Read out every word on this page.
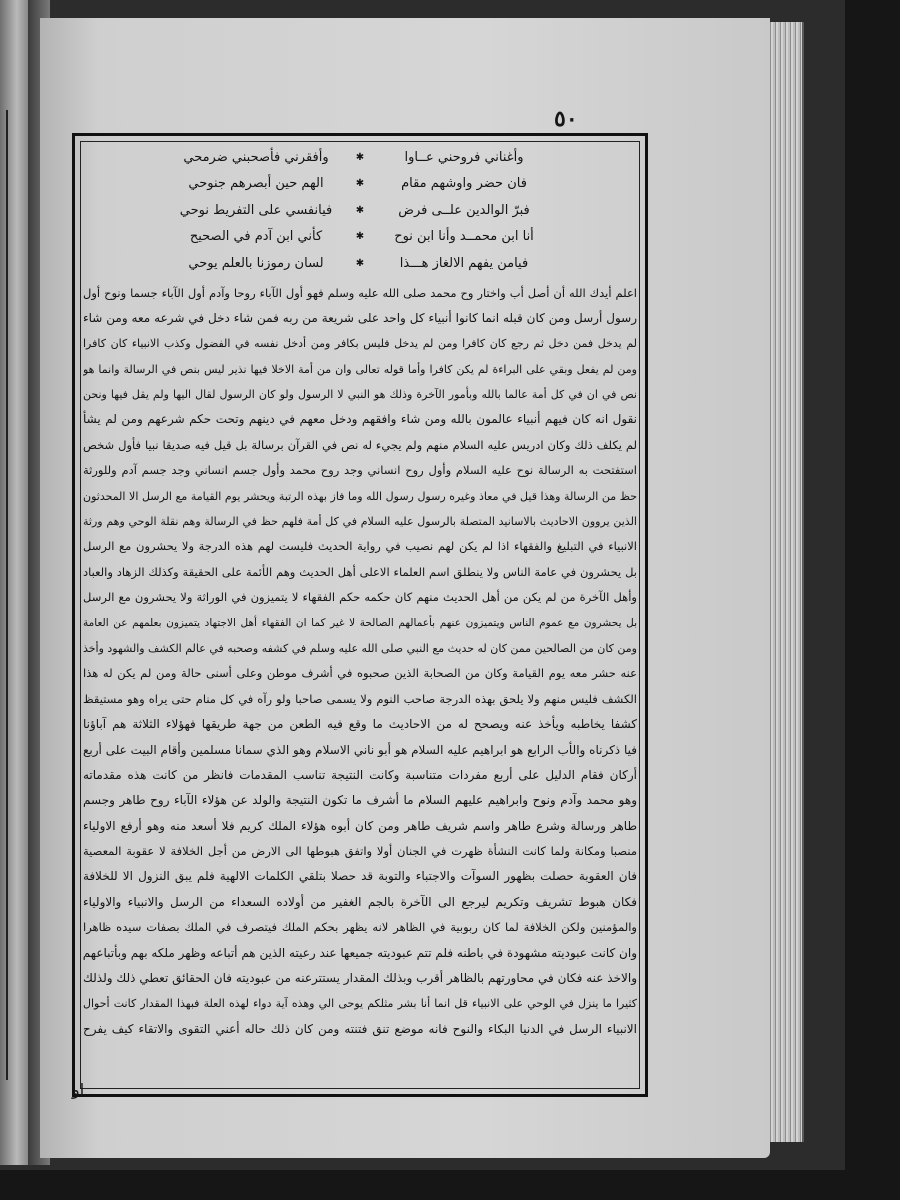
٥٠
وأغناني فروحني عــاوا
✱
وأفقرني فأصحبني ضرمحي
فان حضر واوشهم مقام
✱
الهم حين أبصرهم جنوحي
فبرّ الوالدين علــى فرض
✱
فيانفسي على التفريط نوحي
أنا ابن محمــد وأنا ابن نوح
✱
كأني ابن آدم في الصحيح
فيامن يفهم الالغاز هـــذا
✱
لسان رموزنا بالعلم يوحي
اعلم أيدك الله أن أصل أب واختار وح محمد صلى الله عليه وسلم فهو أول الآباء روحا وآدم أول الآباء جسما ونوح أول
رسول أرسل ومن كان قبله انما كانوا أنبياء كل واحد على شريعة من ربه فمن شاء دخل في شرعه معه ومن شاء
لم يدخل فمن دخل ثم رجع كان كافرا ومن لم يدخل فليس بكافر ومن أدخل نفسه في الفضول وكذب الانبياء كان كافرا
ومن لم يفعل وبقي على البراءة لم يكن كافرا وأما قوله تعالى وان من أمة الاخلا فيها نذير ليس بنص في الرسالة وانما هو
نص في ان في كل أمة عالما بالله وبأمور الآخرة وذلك هو النبي لا الرسول ولو كان الرسول لقال اليها ولم يقل فيها ونحن
نقول انه كان فيهم أنبياء عالمون بالله ومن شاء وافقهم ودخل معهم في دينهم وتحت حكم شرعهم ومن لم يشأ
لم يكلف ذلك وكان ادريس عليه السلام منهم ولم يجيء له نص في القرآن برسالة بل قيل فيه صديقا نبيا فأول شخص
استفتحت به الرسالة نوح عليه السلام وأول روح انساني وجد روح محمد وأول جسم انساني وجد جسم آدم وللورثة
حظ من الرسالة وهذا قيل في معاذ وغيره رسول رسول الله وما فاز بهذه الرتبة ويحشر يوم القيامة مع الرسل الا المحدثون
الذين يروون الاحاديث بالاسانيد المتصلة بالرسول عليه السلام في كل أمة فلهم حظ في الرسالة وهم نقلة الوحي وهم ورثة
الانبياء في التبليغ والفقهاء اذا لم يكن لهم نصيب في رواية الحديث فليست لهم هذه الدرجة ولا يحشرون مع الرسل
بل يحشرون في عامة الناس ولا ينطلق اسم العلماء الاعلى أهل الحديث وهم الأئمة على الحقيقة وكذلك الزهاد والعباد
وأهل الآخرة من لم يكن من أهل الحديث منهم كان حكمه حكم الفقهاء لا يتميزون في الوراثة ولا يحشرون مع الرسل
بل يحشرون مع عموم الناس ويتميزون عنهم بأعمالهم الصالحة لا غير كما ان الفقهاء أهل الاجتهاد يتميزون بعلمهم عن العامة
ومن كان من الصالحين ممن كان له حديث مع النبي صلى الله عليه وسلم في كشفه وصحبه في عالم الكشف والشهود وأخذ
عنه حشر معه يوم القيامة وكان من الصحابة الذين صحبوه في أشرف موطن وعلى أسنى حالة ومن لم يكن له هذا
الكشف فليس منهم ولا يلحق بهذه الدرجة صاحب النوم ولا يسمى صاحبا ولو رآه في كل منام حتى يراه وهو مستيقظ
كشفا يخاطبه ويأخذ عنه ويصحح له من الاحاديث ما وقع فيه الطعن من جهة طريقها فهؤلاء الثلاثة هم آباؤنا
فيا ذكرناه والأب الرابع هو ابراهيم عليه السلام هو أبو ناني الاسلام وهو الذي سمانا مسلمين وأقام البيت على أربع
أركان فقام الدليل على أربع مفردات متناسبة وكانت النتيجة تناسب المقدمات فانظر من كانت هذه مقدماته
وهو محمد وآدم ونوح وابراهيم عليهم السلام ما أشرف ما تكون النتيجة والولد عن هؤلاء الآباء روح طاهر وجسم
طاهر ورسالة وشرع طاهر واسم شريف طاهر ومن كان أبوه هؤلاء الملك كريم فلا أسعد منه وهو أرفع الاولياء
منصبا ومكانة ولما كانت النشأة ظهرت في الجنان أولا واتفق هبوطها الى الارض من أجل الخلافة لا عقوبة المعصية
فان العقوبة حصلت بظهور السوآت والاجتباء والتوبة قد حصلا بتلقي الكلمات الالهية فلم يبق النزول الا للخلافة
فكان هبوط تشريف وتكريم ليرجع الى الآخرة بالجم الغفير من أولاده السعداء من الرسل والانبياء والاولياء
والمؤمنين ولكن الخلافة لما كان ربوبية في الظاهر لانه يظهر بحكم الملك فيتصرف في الملك بصفات سيده ظاهرا
وان كانت عبوديته مشهودة في باطنه فلم تتم عبوديته جميعها عند رعيته الذين هم أتباعه وظهر ملكه بهم وبأتباعهم
والاخذ عنه فكان في محاورتهم بالظاهر أقرب وبذلك المقدار يستترعنه من عبوديته فان الحقائق تعطي ذلك ولذلك
كثيرا ما ينزل في الوحي على الانبياء قل انما أنا بشر مثلكم يوحى الي وهذه آية دواء لهذه العلة فبهذا المقدار كانت أحوال
الانبياء الرسل في الدنيا البكاء والنوح فانه موضع تنق فتنته ومن كان ذلك حاله أعني التقوى والاتقاء كيف يفرح
او
